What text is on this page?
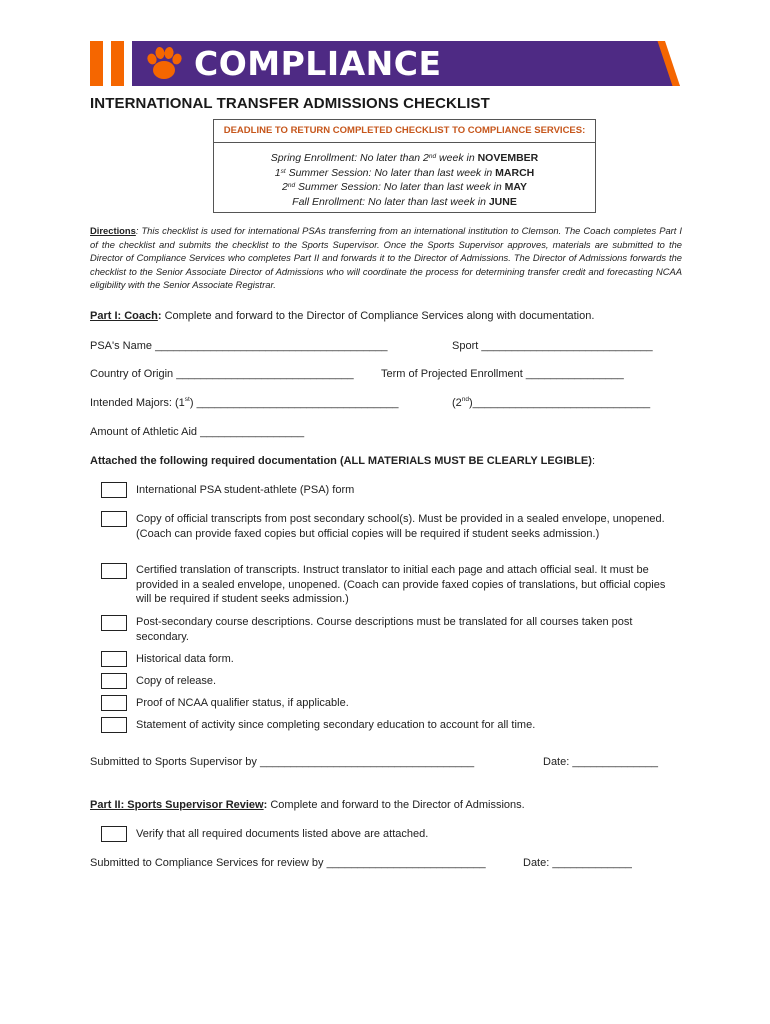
COMPLIANCE
INTERNATIONAL TRANSFER ADMISSIONS CHECKLIST
DEADLINE TO RETURN COMPLETED CHECKLIST TO COMPLIANCE SERVICES:
Spring Enrollment: No later than 2nd week in NOVEMBER
1st Summer Session: No later than last week in MARCH
2nd Summer Session: No later than last week in MAY
Fall Enrollment: No later than last week in JUNE
Directions: This checklist is used for international PSAs transferring from an international institution to Clemson. The Coach completes Part I of the checklist and submits the checklist to the Sports Supervisor. Once the Sports Supervisor approves, materials are submitted to the Director of Compliance Services who completes Part II and forwards it to the Director of Admissions. The Director of Admissions forwards the checklist to the Senior Associate Director of Admissions who will coordinate the process for determining transfer credit and forecasting NCAA eligibility with the Senior Associate Registrar.
Part I: Coach: Complete and forward to the Director of Compliance Services along with documentation.
PSA's Name ______________________________________	Sport ____________________________
Country of Origin _____________________________ Term of Projected Enrollment ________________
Intended Majors: (1st) _________________________________	(2nd)_____________________________
Amount of Athletic Aid _________________
Attached the following required documentation (ALL MATERIALS MUST BE CLEARLY LEGIBLE):
International PSA student-athlete (PSA) form
Copy of official transcripts from post secondary school(s). Must be provided in a sealed envelope, unopened. (Coach can provide faxed copies but official copies will be required if student seeks admission.)
Certified translation of transcripts. Instruct translator to initial each page and attach official seal. It must be provided in a sealed envelope, unopened. (Coach can provide faxed copies of translations, but official copies will be required if student seeks admission.)
Post-secondary course descriptions. Course descriptions must be translated for all courses taken post secondary.
Historical data form.
Copy of release.
Proof of NCAA qualifier status, if applicable.
Statement of activity since completing secondary education to account for all time.
Submitted to Sports Supervisor by ___________________________________	Date: ______________
Part II: Sports Supervisor Review: Complete and forward to the Director of Admissions.
Verify that all required documents listed above are attached.
Submitted to Compliance Services for review by __________________________	Date: _____________
